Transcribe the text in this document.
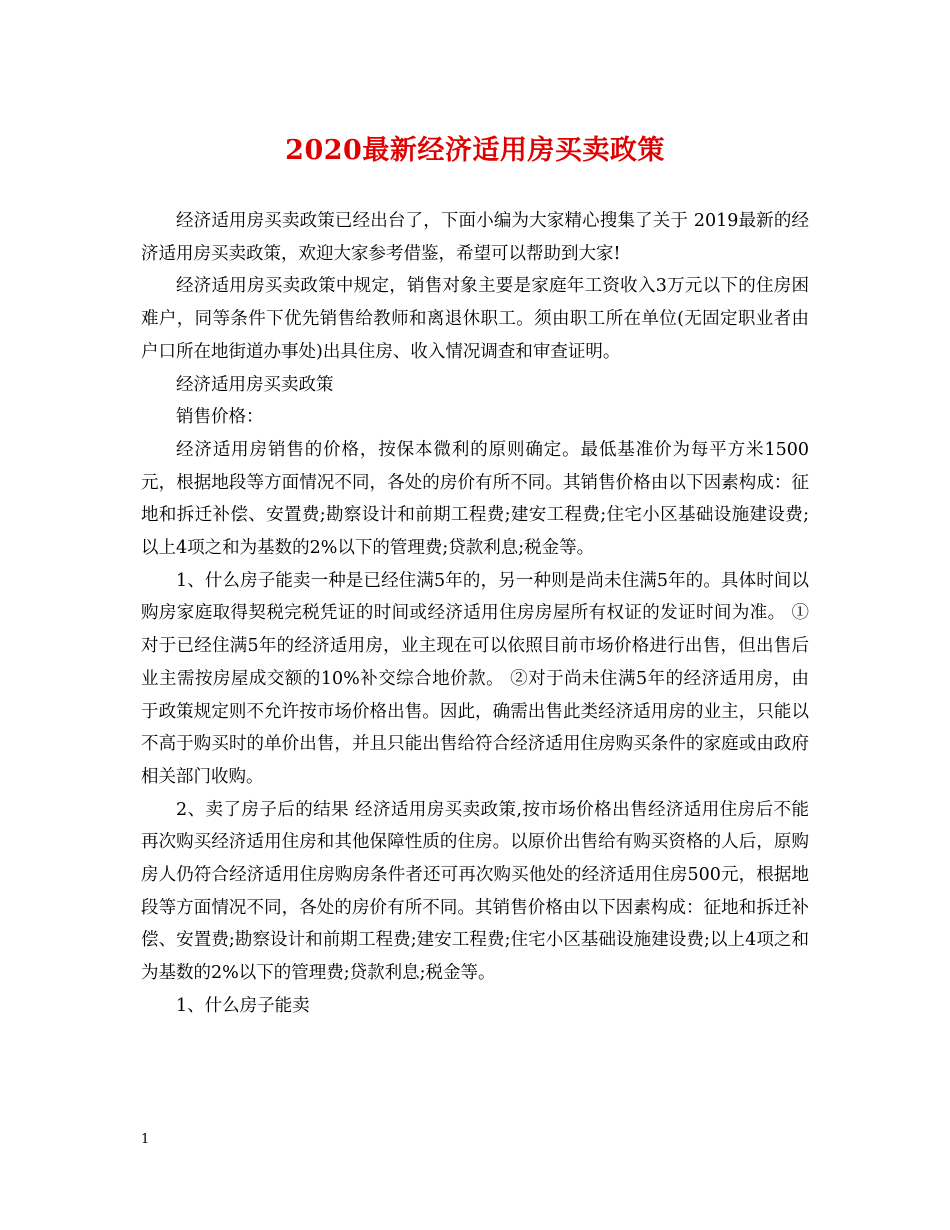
2020最新经济适用房买卖政策

经济适用房买卖政策已经出台了，下面小编为大家精心搜集了关于 2019最新的经济适用房买卖政策，欢迎大家参考借鉴，希望可以帮助到大家!

经济适用房买卖政策中规定，销售对象主要是家庭年工资收入3万元以下的住房困难户，同等条件下优先销售给教师和离退休职工。须由职工所在单位(无固定职业者由户口所在地街道办事处)出具住房、收入情况调查和审查证明。

经济适用房买卖政策

销售价格：

经济适用房销售的价格，按保本微利的原则确定。最低基准价为每平方米1500元，根据地段等方面情况不同，各处的房价有所不同。其销售价格由以下因素构成：征地和拆迁补偿、安置费;勘察设计和前期工程费;建安工程费;住宅小区基础设施建设费;以上4项之和为基数的2%以下的管理费;贷款利息;税金等。

1、什么房子能卖一种是已经住满5年的，另一种则是尚未住满5年的。具体时间以购房家庭取得契税完税凭证的时间或经济适用住房房屋所有权证的发证时间为准。 ①对于已经住满5年的经济适用房，业主现在可以依照目前市场价格进行出售，但出售后业主需按房屋成交额的10%补交综合地价款。 ②对于尚未住满5年的经济适用房，由于政策规定则不允许按市场价格出售。因此，确需出售此类经济适用房的业主，只能以不高于购买时的单价出售，并且只能出售给符合经济适用住房购买条件的家庭或由政府相关部门收购。

2、卖了房子后的结果 经济适用房买卖政策,按市场价格出售经济适用住房后不能再次购买经济适用住房和其他保障性质的住房。以原价出售给有购买资格的人后，原购房人仍符合经济适用住房购房条件者还可再次购买他处的经济适用住房500元，根据地段等方面情况不同，各处的房价有所不同。其销售价格由以下因素构成：征地和拆迁补偿、安置费;勘察设计和前期工程费;建安工程费;住宅小区基础设施建设费;以上4项之和为基数的2%以下的管理费;贷款利息;税金等。

1、什么房子能卖

1
